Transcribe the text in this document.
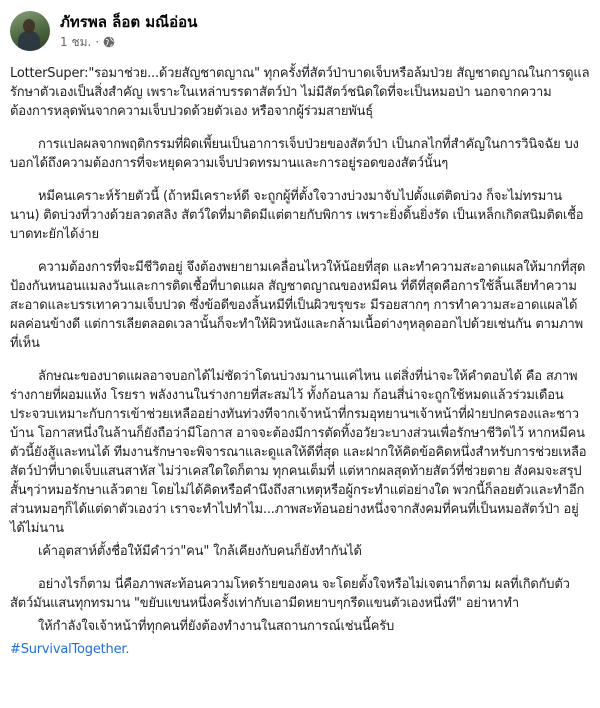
ภัทรพล ล็อต มณีอ่อน
1 ชม. ·

LotterSuper:"รอมาช่วย...ด้วยสัญชาตญาณ" ทุกครั้งที่สัตว์ป่าบาดเจ็บหรือล้มป่วย สัญชาตญาณในการดูแลรักษาตัวเองเป็นสิ่งสำคัญ เพราะในเหล่าบรรดาสัตว์ป่า ไม่มีสัตว์ชนิดใดที่จะเป็นหมอป่า นอกจากความต้องการหลุดพ้นจากความเจ็บปวดด้วยตัวเอง หรือจากผู้ร่วมสายพันธุ์

การแปลผลจากพฤติกรรมที่ผิดเพี้ยนเป็นอาการเจ็บป่วยของสัตว์ป่า เป็นกลไกที่สำคัญในการวินิจฉัย บงบอกได้ถึงความต้องการที่จะหยุดความเจ็บปวดทรมานและการอยู่รอดของสัตว์นั้นๆ

หมีคนเคราะห์ร้ายตัวนี้ (ถ้าหมีเคราะห์ดี จะถูกผู้ที่ตั้งใจวางบ่วงมาจับไปตั้งแต่ติดบ่วง ก็จะไม่ทรมานนาน) ติดบ่วงที่วางด้วยลวดสลิง สัตว์ใดที่มาติดมีแต่ตายกับพิการ เพราะยิ่งดิ้นยิ่งรัด เป็นเหล็กเกิดสนิมติดเชื้อบาดทะยักได้ง่าย

ความต้องการที่จะมีชีวิตอยู่ จึงต้องพยายามเคลื่อนไหวให้น้อยที่สุด และทำความสะอาดแผลให้มากที่สุด ป้องกันหนอนแมลงวันและการติดเชื้อที่บาดแผล สัญชาตญาณของหมีคน ที่ดีที่สุดคือการใช้ลิ้นเลียทำความสะอาดและบรรเทาความเจ็บปวด ซึ่งข้อดีของลิ้นหมีที่เป็นผิวขรุขระ มีรอยสากๆ การทำความสะอาดแผลได้ผลค่อนข้างดี แต่การเลียตลอดเวลานั้นก็จะทำให้ผิวหนังและกล้ามเนื้อต่างๆหลุดออกไปด้วยเช่นกัน ตามภาพที่เห็น

ลักษณะของบาดแผลอาจบอกได้ไม่ชัดว่าโดนบ่วงมานานแค่ไหน แต่สิ่งที่น่าจะให้คำตอบได้ คือ สภาพร่างกายที่ผอมแห้ง โรยรา พลังงานในร่างกายที่สะสมไว้ ทั้งก้อนลาม ก้อนสี่น่าจะถูกใช้หมดแล้วร่วมเดือน ประจวบเหมาะกับการเข้าช่วยเหลืออย่างทันท่วงทีจากเจ้าหน้าที่กรมอุทยานฯเจ้าหน้าที่ฝ่ายปกครองและชาวบ้าน โอกาสหนึ่งในล้านก็ยังถือว่ามีโอกาส อาจจะต้องมีการตัดทิ้งอวัยวะบางส่วนเพื่อรักษาชีวิตไว้ หากหมีคนตัวนี้ยังสู้และทนได้ ทีมงานรักษาจะพิจารณาและดูแลให้ดีที่สุด และฝากให้คิดข้อคิดหนึ่งสำหรับการช่วยเหลือสัตว์ป่าที่บาดเจ็บแสนสาหัส ไม่ว่าเคสใดใดก็ตาม ทุกคนเต็มที่ แต่หากผลสุดท้ายสัตว์ที่ช่วยตาย สังคมจะสรุปสั้นๆว่าหมอรักษาแล้วตาย โดยไม่ได้คิดหรือคำนึงถึงสาเหตุหรือผู้กระทำแต่อย่างใด พวกนี้ก็ลอยตัวและทำอีก ส่วนหมอๆก็ได้แต่ดาตัวเองว่า เราจะทำไปทำไม...ภาพสะท้อนอย่างหนึ่งจากสังคมที่คนที่เป็นหมอสัตว์ป่า อยู่ได้ไม่นาน

เค้าอุตสาห์ตั้งชื่อให้มีคำว่า"คน" ใกล้เคียงกับคนก็ยังทำกันได้

อย่างไรก็ตาม นี่คือภาพสะท้อนความโหดร้ายของคน จะโดยตั้งใจหรือไม่เจตนาก็ตาม ผลที่เกิดกับตัวสัตว์มันแสนทุกทรมาน "ขยับแขนหนึ่งครั้งเท่ากับเอามีดหยาบๆกรีดแขนตัวเองหนึ่งที" อย่าหาทำ

ให้กำลังใจเจ้าหน้าที่ทุกคนที่ยังต้องทำงานในสถานการณ์เช่นนี้ครับ

#SurvivalTogether.
